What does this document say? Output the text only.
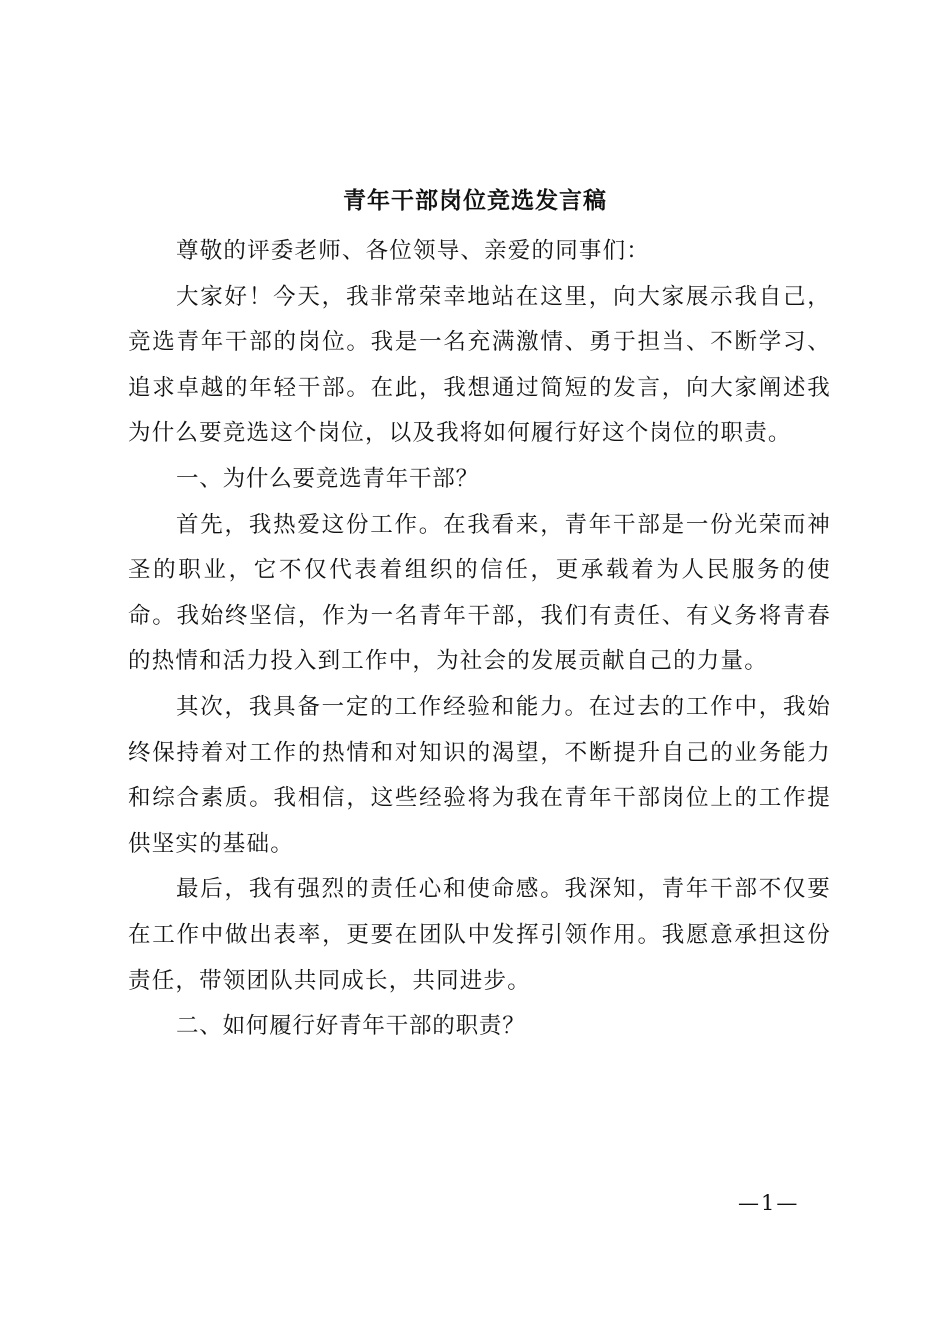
青年干部岗位竞选发言稿

尊敬的评委老师、各位领导、亲爱的同事们：

大家好！今天，我非常荣幸地站在这里，向大家展示我自己，竞选青年干部的岗位。我是一名充满激情、勇于担当、不断学习、追求卓越的年轻干部。在此，我想通过简短的发言，向大家阐述我为什么要竞选这个岗位，以及我将如何履行好这个岗位的职责。

一、为什么要竞选青年干部？

首先，我热爱这份工作。在我看来，青年干部是一份光荣而神圣的职业，它不仅代表着组织的信任，更承载着为人民服务的使命。我始终坚信，作为一名青年干部，我们有责任、有义务将青春的热情和活力投入到工作中，为社会的发展贡献自己的力量。

其次，我具备一定的工作经验和能力。在过去的工作中，我始终保持着对工作的热情和对知识的渴望，不断提升自己的业务能力和综合素质。我相信，这些经验将为我在青年干部岗位上的工作提供坚实的基础。

最后，我有强烈的责任心和使命感。我深知，青年干部不仅要在工作中做出表率，更要在团队中发挥引领作用。我愿意承担这份责任，带领团队共同成长，共同进步。

二、如何履行好青年干部的职责？

—1—
